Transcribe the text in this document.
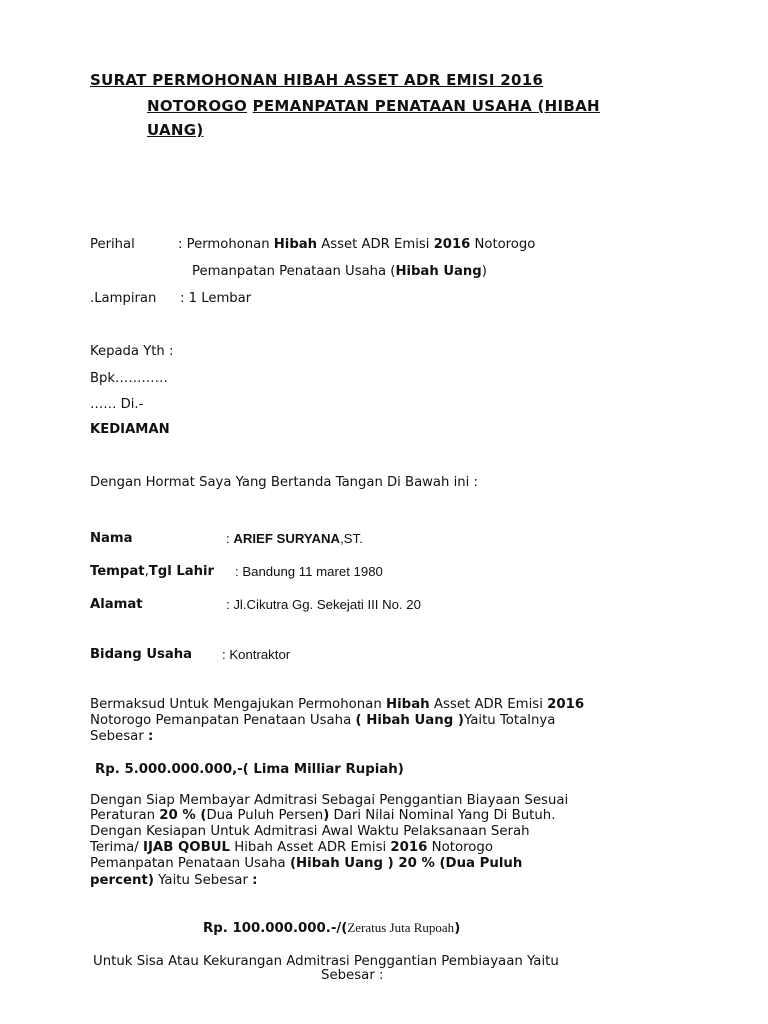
SURAT PERMOHONAN HIBAH ASSET ADR EMISI 2016
NOTOROGO PEMANPATAN PENATAAN USAHA (HIBAH
UANG)
Perihal	: Permohonan Hibah Asset ADR Emisi 2016 Notorogo
Pemanpatan Penataan Usaha (Hibah Uang)
.Lampiran : 1 Lembar
Kepada Yth :
Bpk…………
…… Di.-
KEDIAMAN
Dengan Hormat Saya Yang Bertanda Tangan Di Bawah ini :
Nama	: ARIEF SURYANA,ST.
Tempat,Tgl Lahir : Bandung 11 maret 1980
Alamat	: Jl.Cikutra Gg. Sekejati III No. 20
Bidang Usaha : Kontraktor
Bermaksud Untuk Mengajukan Permohonan Hibah Asset ADR Emisi 2016
Notorogo Pemanpatan Penataan Usaha ( Hibah Uang )Yaitu Totalnya
Sebesar :
Rp. 5.000.000.000,-( Lima Milliar Rupiah)
Dengan Siap Membayar Admitrasi Sebagai Penggantian Biayaan Sesuai
Peraturan 20 % (Dua Puluh Persen) Dari Nilai Nominal Yang Di Butuh.
Dengan Kesiapan Untuk Admitrasi Awal Waktu Pelaksanaan Serah
Terima/ IJAB QOBUL Hibah Asset ADR Emisi 2016 Notorogo
Pemanpatan Penataan Usaha (Hibah Uang ) 20 % (Dua Puluh
percent) Yaitu Sebesar :
Rp. 100.000.000.-/(Zeratus Juta Rupoah)
Untuk Sisa Atau Kekurangan Admitrasi Penggantian Pembiayaan Yaitu
Sebesar :
